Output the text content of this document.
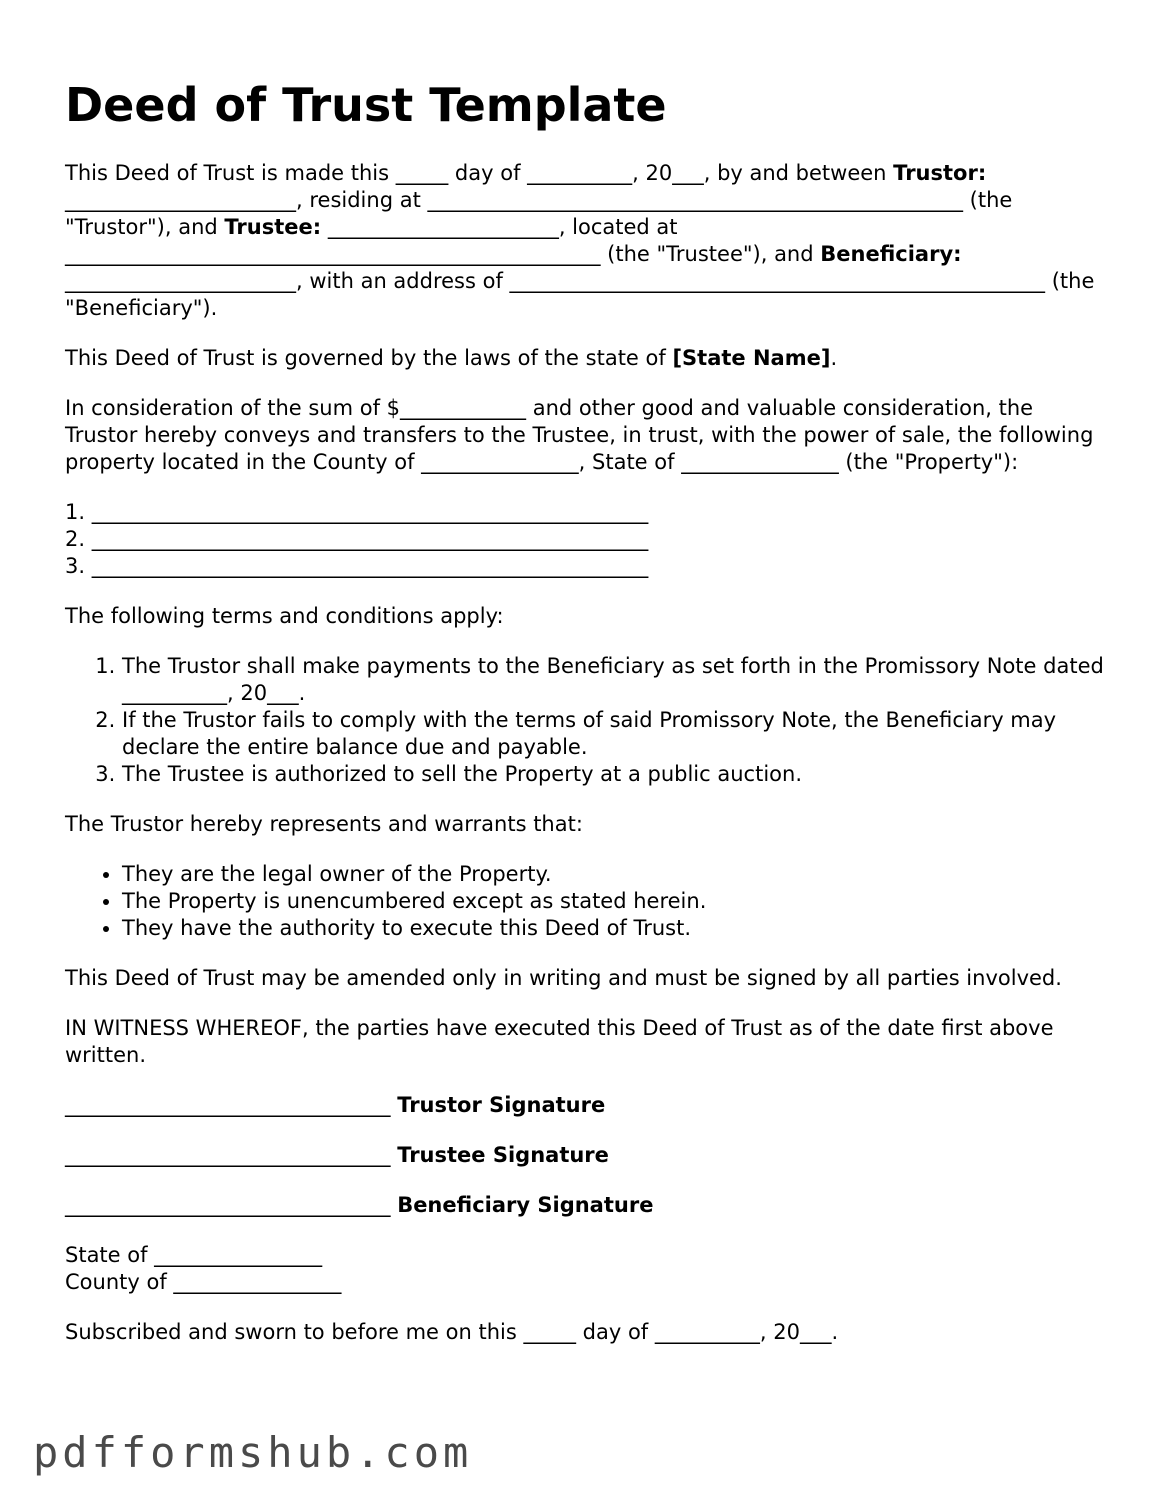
Deed of Trust Template

This Deed of Trust is made this _____ day of __________, 20___, by and between Trustor: ______________________, residing at ___________________________________________________ (the "Trustor"), and Trustee: ______________________, located at ___________________________________________________ (the "Trustee"), and Beneficiary: ______________________, with an address of ___________________________________________________ (the "Beneficiary").

This Deed of Trust is governed by the laws of the state of [State Name].

In consideration of the sum of $____________ and other good and valuable consideration, the Trustor hereby conveys and transfers to the Trustee, in trust, with the power of sale, the following property located in the County of _______________, State of _______________ (the "Property"):

1. _____________________________________________________
2. _____________________________________________________
3. _____________________________________________________

The following terms and conditions apply:

1. The Trustor shall make payments to the Beneficiary as set forth in the Promissory Note dated __________, 20___.
2. If the Trustor fails to comply with the terms of said Promissory Note, the Beneficiary may declare the entire balance due and payable.
3. The Trustee is authorized to sell the Property at a public auction.

The Trustor hereby represents and warrants that:

• They are the legal owner of the Property.
• The Property is unencumbered except as stated herein.
• They have the authority to execute this Deed of Trust.

This Deed of Trust may be amended only in writing and must be signed by all parties involved.

IN WITNESS WHEREOF, the parties have executed this Deed of Trust as of the date first above written.

_______________________________ Trustor Signature
_______________________________ Trustee Signature
_______________________________ Beneficiary Signature
State of ________________
County of ________________

Subscribed and sworn to before me on this _____ day of __________, 20___.

pdfformshub.com
